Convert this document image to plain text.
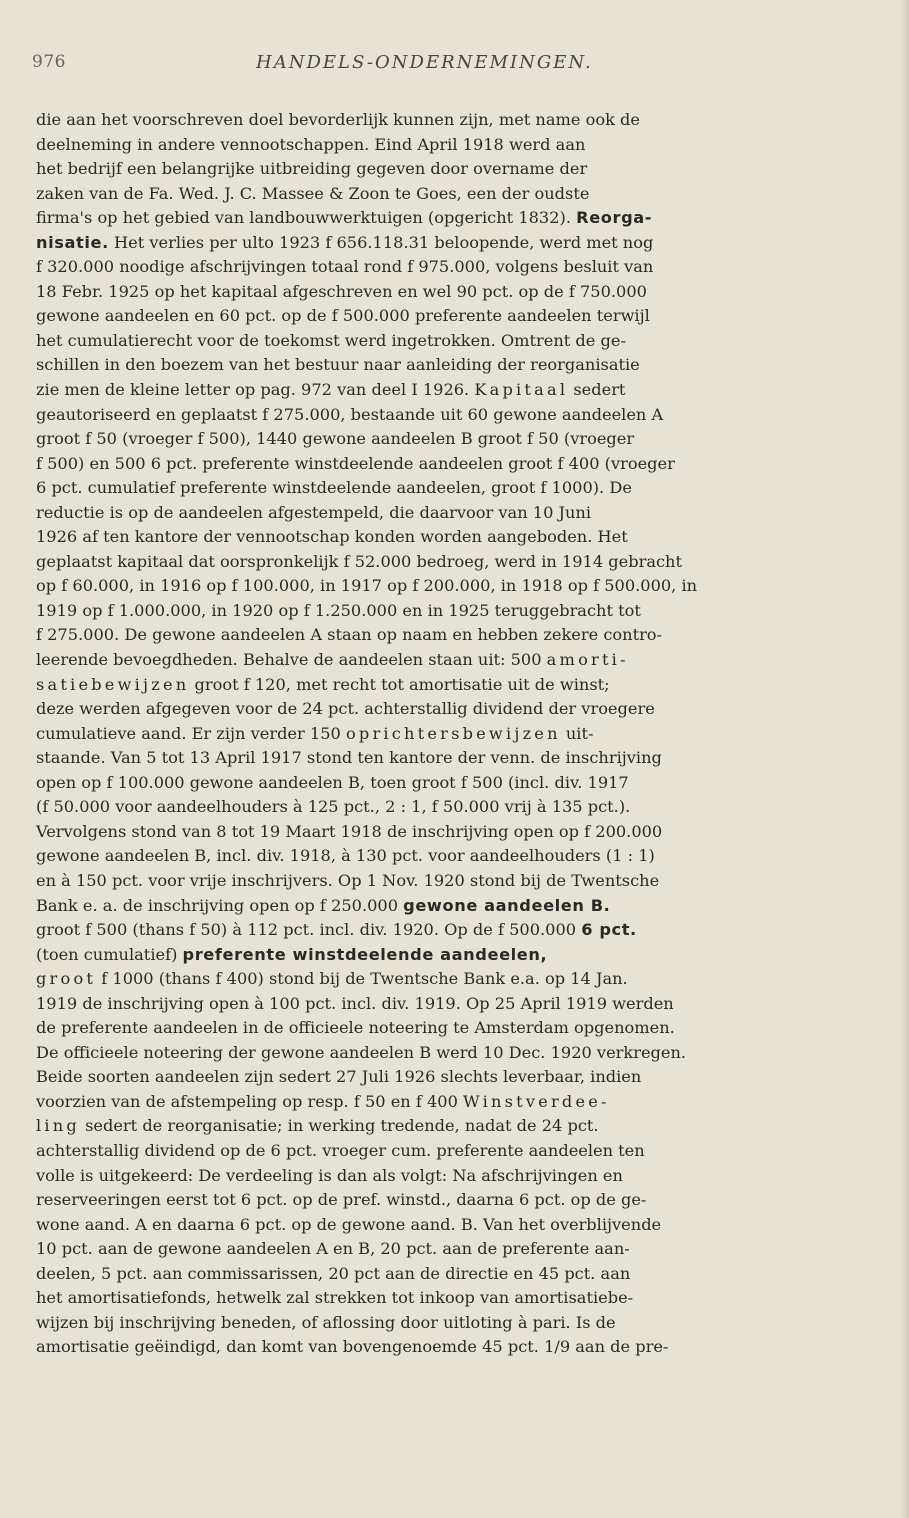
976	HANDELS-ONDERNEMINGEN.
die aan het voorschreven doel bevorderlijk kunnen zijn, met name ook de
deelneming in andere vennootschappen. Eind April 1918 werd aan
het bedrijf een belangrijke uitbreiding gegeven door overname der
zaken van de Fa. Wed. J. C. Massee & Zoon te Goes, een der oudste
firma's op het gebied van landbouwwerktuigen (opgericht 1832). Reorga-
nisatie. Het verlies per ulto 1923 f 656.118.31 beloopende, werd met nog
f 320.000 noodige afschrijvingen totaal rond f 975.000, volgens besluit van
18 Febr. 1925 op het kapitaal afgeschreven en wel 90 pct. op de f 750.000
gewone aandeelen en 60 pct. op de f 500.000 preferente aandeelen terwijl
het cumulatierecht voor de toekomst werd ingetrokken. Omtrent de ge-
schillen in den boezem van het bestuur naar aanleiding der reorganisatie
zie men de kleine letter op pag. 972 van deel I 1926. Kapitaal sedert
geautoriseerd en geplaatst f 275.000, bestaande uit 60 gewone aandeelen A
groot f 50 (vroeger f 500), 1440 gewone aandeelen B groot f 50 (vroeger
f 500) en 500 6 pct. preferente winstdeelende aandeelen groot f 400 (vroeger
6 pct. cumulatief preferente winstdeelende aandeelen, groot f 1000). De
reductie is op de aandeelen afgestempeld, die daarvoor van 10 Juni
1926 af ten kantore der vennootschap konden worden aangeboden. Het
geplaatst kapitaal dat oorspronkelijk f 52.000 bedroeg, werd in 1914 gebracht
op f 60.000, in 1916 op f 100.000, in 1917 op f 200.000, in 1918 op f 500.000, in
1919 op f 1.000.000, in 1920 op f 1.250.000 en in 1925 teruggebracht tot
f 275.000. De gewone aandeelen A staan op naam en hebben zekere contro-
leerende bevoegdheden. Behalve de aandeelen staan uit: 500 amorti-
satiebewijzen groot f 120, met recht tot amortisatie uit de winst;
deze werden afgegeven voor de 24 pct. achterstallig dividend der vroegere
cumulatieve aand. Er zijn verder 150 oprichtersbewijzen uit-
staande. Van 5 tot 13 April 1917 stond ten kantore der venn. de inschrijving
open op f 100.000 gewone aandeelen B, toen groot f 500 (incl. div. 1917
(f 50.000 voor aandeelhouders à 125 pct., 2 : 1, f 50.000 vrij à 135 pct.).
Vervolgens stond van 8 tot 19 Maart 1918 de inschrijving open op f 200.000
gewone aandeelen B, incl. div. 1918, à 130 pct. voor aandeelhouders (1 : 1)
en à 150 pct. voor vrije inschrijvers. Op 1 Nov. 1920 stond bij de Twentsche
Bank e. a. de inschrijving open op f 250.000 gewone aandeelen B.
groot f 500 (thans f 50) à 112 pct. incl. div. 1920. Op de f 500.000 6 pct.
(toen cumulatief) preferente winstdeelende aandeelen,
groot f 1000 (thans f 400) stond bij de Twentsche Bank e.a. op 14 Jan.
1919 de inschrijving open à 100 pct. incl. div. 1919. Op 25 April 1919 werden
de preferente aandeelen in de officieele noteering te Amsterdam opgenomen.
De officieele noteering der gewone aandeelen B werd 10 Dec. 1920 verkregen.
Beide soorten aandeelen zijn sedert 27 Juli 1926 slechts leverbaar, indien
voorzien van de afstempeling op resp. f 50 en f 400 Winstverdee-
ling sedert de reorganisatie; in werking tredende, nadat de 24 pct.
achterstallig dividend op de 6 pct. vroeger cum. preferente aandeelen ten
volle is uitgekeerd: De verdeeling is dan als volgt: Na afschrijvingen en
reserveeringen eerst tot 6 pct. op de pref. winstd., daarna 6 pct. op de ge-
wone aand. A en daarna 6 pct. op de gewone aand. B. Van het overblijvende
10 pct. aan de gewone aandeelen A en B, 20 pct. aan de preferente aan-
deelen, 5 pct. aan commissarissen, 20 pct aan de directie en 45 pct. aan
het amortisatiefonds, hetwelk zal strekken tot inkoop van amortisatiebe-
wijzen bij inschrijving beneden, of aflossing door uitloting à pari. Is de
amortisatie geëindigd, dan komt van bovengenoemde 45 pct. 1/9 aan de pre-
